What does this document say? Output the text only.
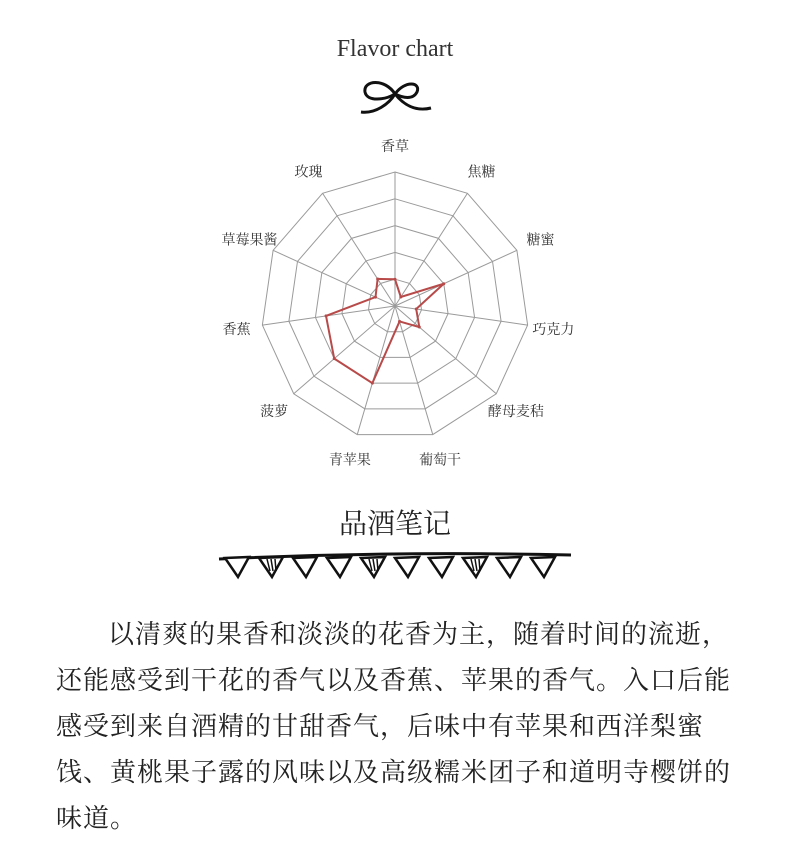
Flavor chart
香草
焦糖
糖蜜
巧克力
酵母麦秸
葡萄干
青苹果
菠萝
香蕉
草莓果酱
玫瑰
品酒笔记
以清爽的果香和淡淡的花香为主，随着时间的流逝，还能感受到干花的香气以及香蕉、苹果的香气。入口后能感受到来自酒精的甘甜香气，后味中有苹果和西洋梨蜜饯、黄桃果子露的风味以及高级糯米团子和道明寺樱饼的味道。
